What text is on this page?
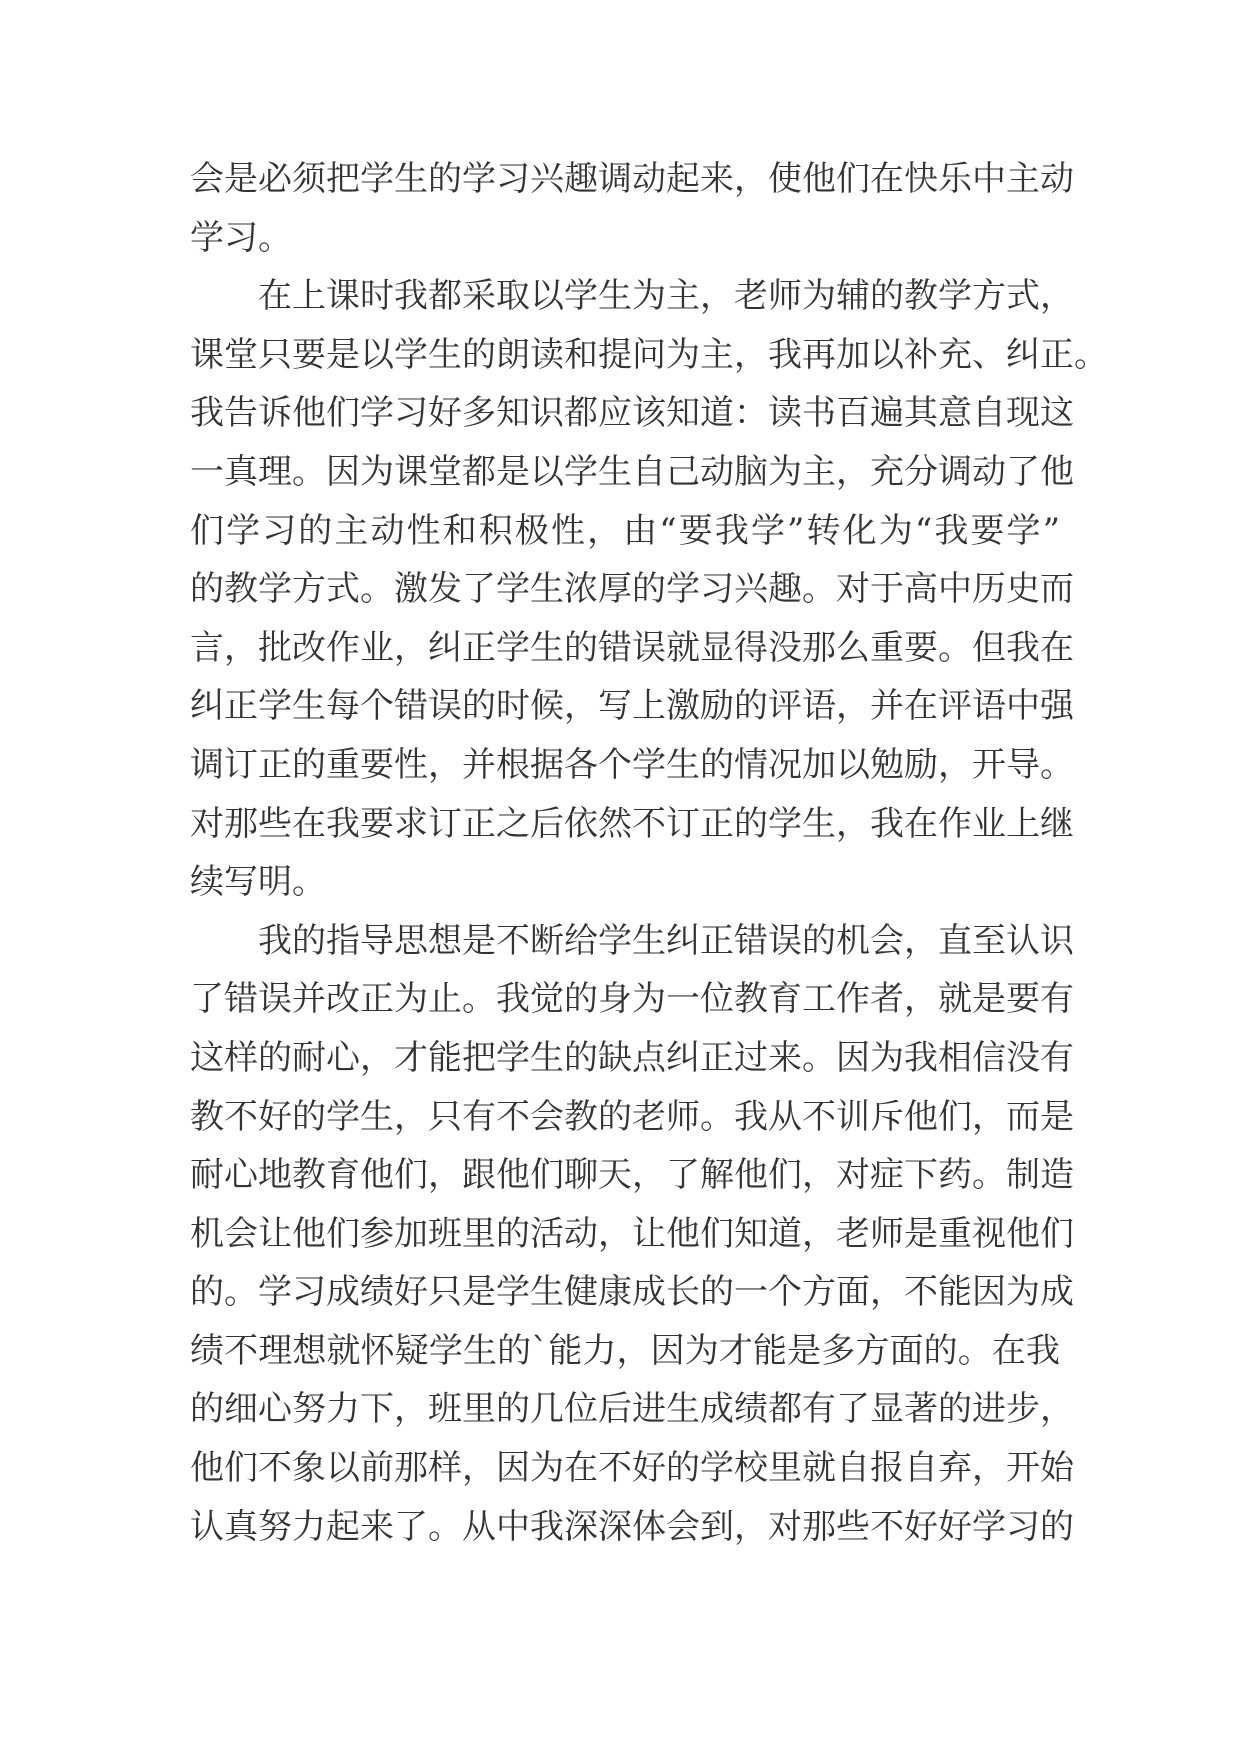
会是必须把学生的学习兴趣调动起来，使他们在快乐中主动
学习。
在上课时我都采取以学生为主，老师为辅的教学方式，
课堂只要是以学生的朗读和提问为主，我再加以补充、纠正。
我告诉他们学习好多知识都应该知道：读书百遍其意自现这
一真理。因为课堂都是以学生自己动脑为主，充分调动了他
们学习的主动性和积极性，由“要我学”转化为“我要学”
的教学方式。激发了学生浓厚的学习兴趣。对于高中历史而
言，批改作业，纠正学生的错误就显得没那么重要。但我在
纠正学生每个错误的时候，写上激励的评语，并在评语中强
调订正的重要性，并根据各个学生的情况加以勉励，开导。
对那些在我要求订正之后依然不订正的学生，我在作业上继
续写明。
我的指导思想是不断给学生纠正错误的机会，直至认识
了错误并改正为止。我觉的身为一位教育工作者，就是要有
这样的耐心，才能把学生的缺点纠正过来。因为我相信没有
教不好的学生，只有不会教的老师。我从不训斥他们，而是
耐心地教育他们，跟他们聊天，了解他们，对症下药。制造
机会让他们参加班里的活动，让他们知道，老师是重视他们
的。学习成绩好只是学生健康成长的一个方面，不能因为成
绩不理想就怀疑学生的`能力，因为才能是多方面的。在我
的细心努力下，班里的几位后进生成绩都有了显著的进步，
他们不象以前那样，因为在不好的学校里就自报自弃，开始
认真努力起来了。从中我深深体会到，对那些不好好学习的
